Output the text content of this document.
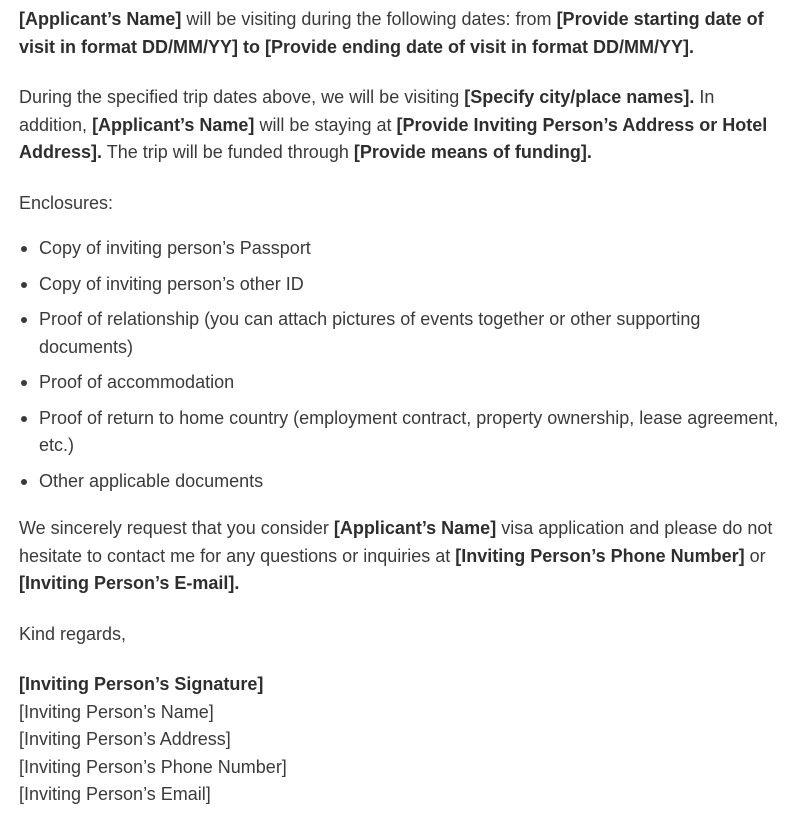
[Applicant’s Name] will be visiting during the following dates: from [Provide starting date of visit in format DD/MM/YY] to [Provide ending date of visit in format DD/MM/YY].

During the specified trip dates above, we will be visiting [Specify city/place names]. In addition, [Applicant’s Name] will be staying at [Provide Inviting Person’s Address or Hotel Address]. The trip will be funded through [Provide means of funding].

Enclosures:

Copy of inviting person’s Passport
Copy of inviting person’s other ID
Proof of relationship (you can attach pictures of events together or other supporting documents)
Proof of accommodation
Proof of return to home country (employment contract, property ownership, lease agreement, etc.)
Other applicable documents

We sincerely request that you consider [Applicant’s Name] visa application and please do not hesitate to contact me for any questions or inquiries at [Inviting Person’s Phone Number] or [Inviting Person’s E-mail].

Kind regards,

[Inviting Person’s Signature]
[Inviting Person’s Name]
[Inviting Person’s Address]
[Inviting Person’s Phone Number]
[Inviting Person’s Email]
